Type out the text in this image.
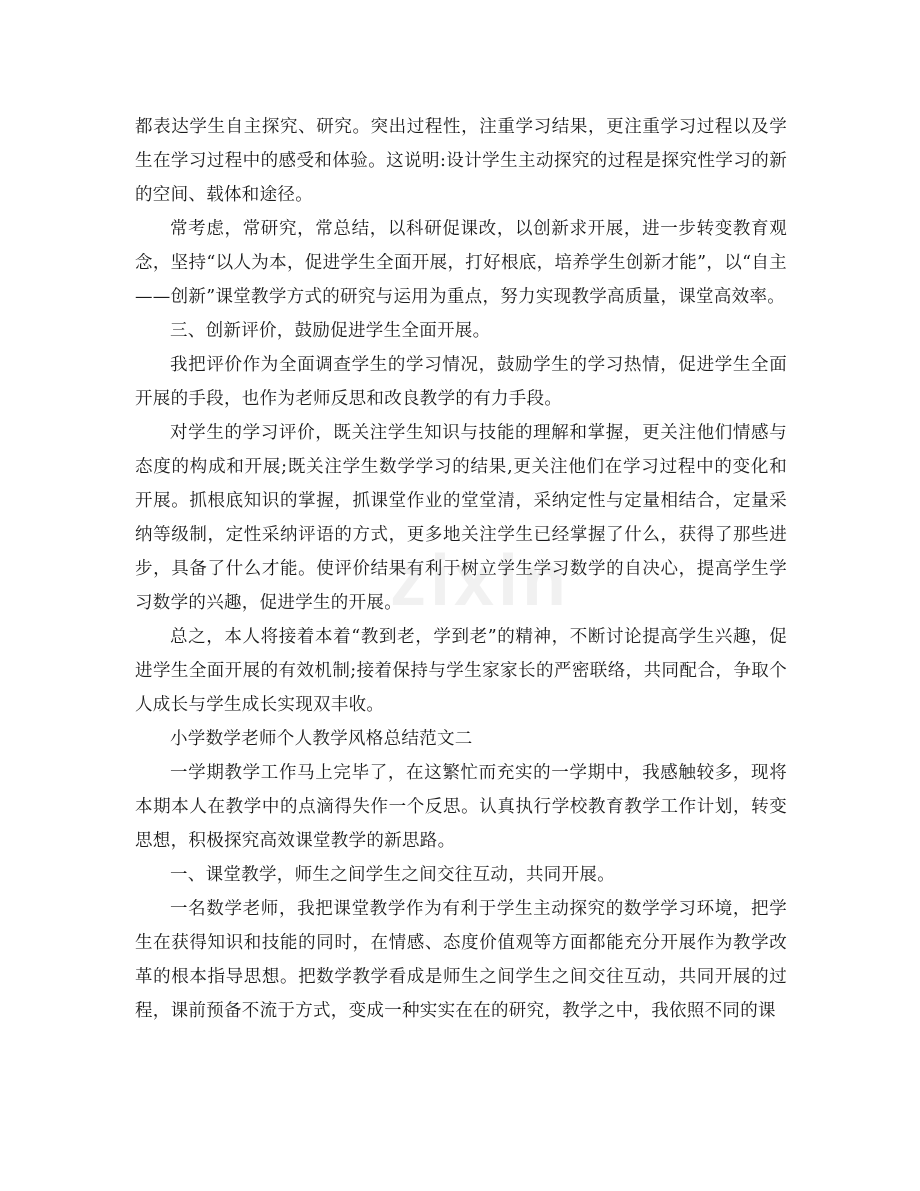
zixin

都表达学生自主探究、研究。突出过程性，注重学习结果，更注重学习过程以及学生在学习过程中的感受和体验。这说明:设计学生主动探究的过程是探究性学习的新的空间、载体和途径。

常考虑，常研究，常总结，以科研促课改，以创新求开展，进一步转变教育观念，坚持“以人为本，促进学生全面开展，打好根底，培养学生创新才能”，以“自主——创新”课堂教学方式的研究与运用为重点，努力实现教学高质量，课堂高效率。

三、创新评价，鼓励促进学生全面开展。

我把评价作为全面调查学生的学习情况，鼓励学生的学习热情，促进学生全面开展的手段，也作为老师反思和改良教学的有力手段。

对学生的学习评价，既关注学生知识与技能的理解和掌握，更关注他们情感与态度的构成和开展;既关注学生数学学习的结果,更关注他们在学习过程中的变化和开展。抓根底知识的掌握，抓课堂作业的堂堂清，采纳定性与定量相结合，定量采纳等级制，定性采纳评语的方式，更多地关注学生已经掌握了什么，获得了那些进步，具备了什么才能。使评价结果有利于树立学生学习数学的自决心，提高学生学习数学的兴趣，促进学生的开展。

总之，本人将接着本着“教到老，学到老”的精神，不断讨论提高学生兴趣，促进学生全面开展的有效机制;接着保持与学生家家长的严密联络，共同配合，争取个人成长与学生成长实现双丰收。

小学数学老师个人教学风格总结范文二

一学期教学工作马上完毕了，在这繁忙而充实的一学期中，我感触较多，现将本期本人在教学中的点滴得失作一个反思。认真执行学校教育教学工作计划，转变思想，积极探究高效课堂教学的新思路。

一、课堂教学，师生之间学生之间交往互动，共同开展。

一名数学老师，我把课堂教学作为有利于学生主动探究的数学学习环境，把学生在获得知识和技能的同时，在情感、态度价值观等方面都能充分开展作为教学改革的根本指导思想。把数学教学看成是师生之间学生之间交往互动，共同开展的过程，课前预备不流于方式，变成一种实实在在的研究，教学之中，我依照不同的课
